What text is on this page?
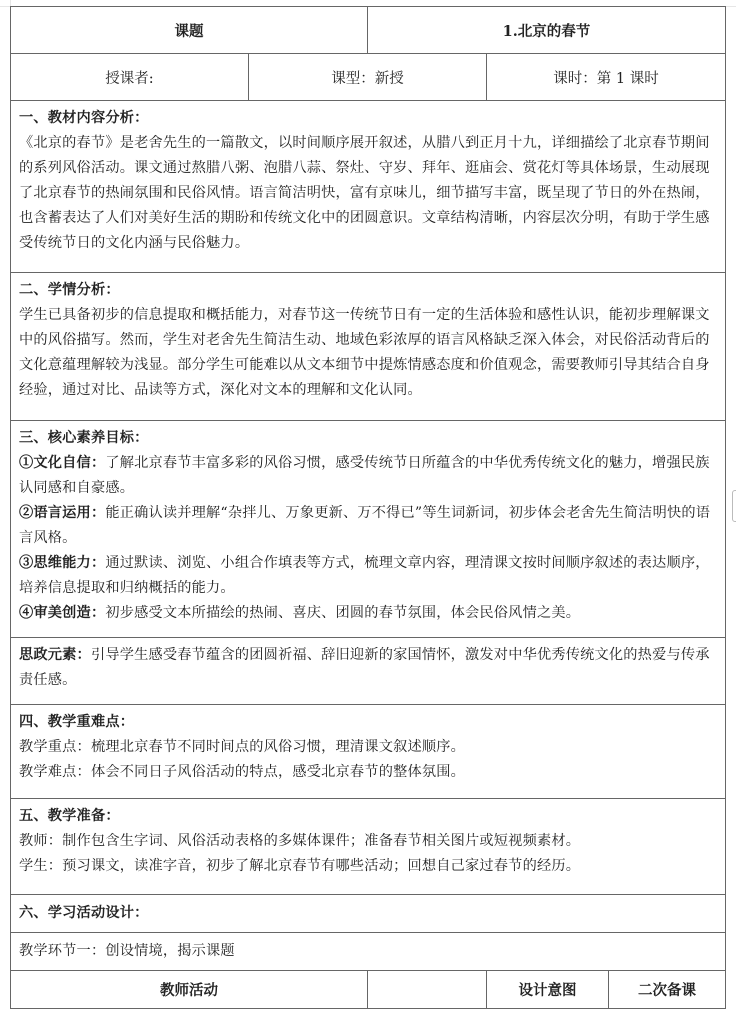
课题		1.北京的春节		
授课者:	课型：新授		课时：第 1 课时	

一、教材内容分析：

《北京的春节》是老舍先生的一篇散文，以时间顺序展开叙述，从腊八到正月十九，详细描绘了北京春节期间的系列风俗活动。课文通过熬腊八粥、泡腊八蒜、祭灶、守岁、拜年、逛庙会、赏花灯等具体场景，生动展现了北京春节的热闹氛围和民俗风情。语言简洁明快，富有京味儿，细节描写丰富，既呈现了节日的外在热闹，也含蓄表达了人们对美好生活的期盼和传统文化中的团圆意识。文章结构清晰，内容层次分明，有助于学生感受传统节日的文化内涵与民俗魅力。				

二、学情分析：

学生已具备初步的信息提取和概括能力，对春节这一传统节日有一定的生活体验和感性认识，能初步理解课文中的风俗描写。然而，学生对老舍先生简洁生动、地域色彩浓厚的语言风格缺乏深入体会，对民俗活动背后的文化意蕴理解较为浅显。部分学生可能难以从文本细节中提炼情感态度和价值观念，需要教师引导其结合自身经验，通过对比、品读等方式，深化对文本的理解和文化认同。				

三、核心素养目标：

①文化自信：了解北京春节丰富多彩的风俗习惯，感受传统节日所蕴含的中华优秀传统文化的魅力，增强民族认同感和自豪感。

②语言运用：能正确认读并理解“杂拌儿、万象更新、万不得已”等生词新词，初步体会老舍先生简洁明快的语言风格。

③思维能力：通过默读、浏览、小组合作填表等方式，梳理文章内容，理清课文按时间顺序叙述的表达顺序，培养信息提取和归纳概括的能力。

④审美创造：初步感受文本所描绘的热闹、喜庆、团圆的春节氛围，体会民俗风情之美。				

思政元素：引导学生感受春节蕴含的团圆祈福、辞旧迎新的家国情怀，激发对中华优秀传统文化的热爱与传承责任感。				

四、教学重难点：

教学重点：梳理北京春节不同时间点的风俗习惯，理清课文叙述顺序。

教学难点：体会不同日子风俗活动的特点，感受北京春节的整体氛围。				

五、教学准备：

教师：制作包含生字词、风俗活动表格的多媒体课件；准备春节相关图片或短视频素材。

学生：预习课文，读准字音，初步了解北京春节有哪些活动；回想自己家过春节的经历。				

六、学习活动设计：				

教学环节一：创设情境，揭示课题				
教师活动			设计意图	二次备课
